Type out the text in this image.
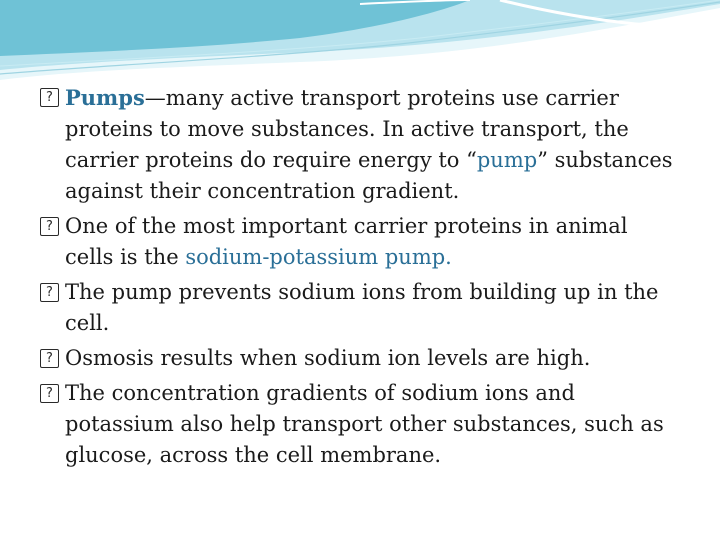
? Pumps—many active transport proteins use carrier proteins to move substances. In active transport, the carrier proteins do require energy to “pump” substances against their concentration gradient.
? One of the most important carrier proteins in animal cells is the sodium-potassium pump.
? The pump prevents sodium ions from building up in the cell.
? Osmosis results when sodium ion levels are high.
? The concentration gradients of sodium ions and potassium also help transport other substances, such as glucose, across the cell membrane.
